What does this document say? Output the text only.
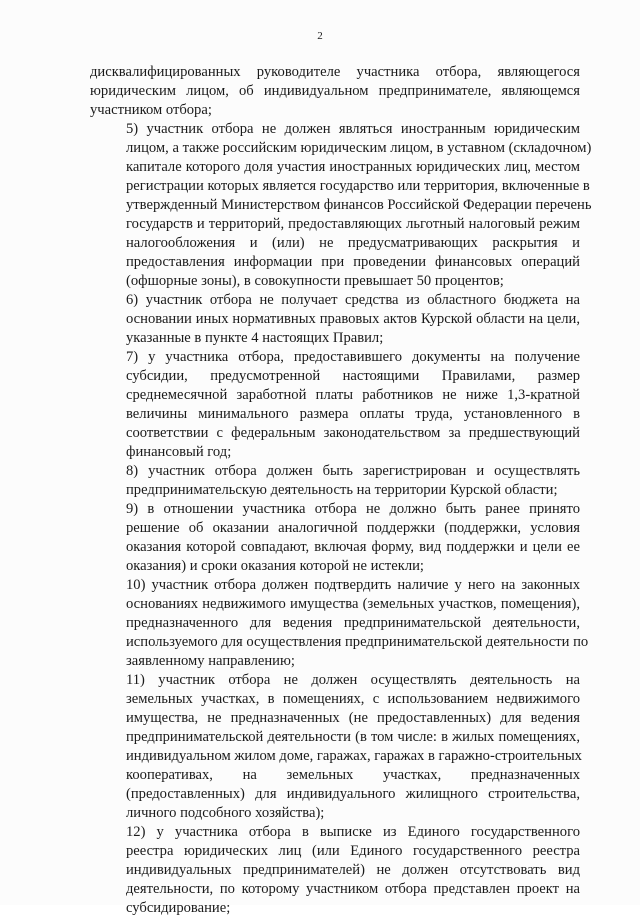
2
дисквалифицированных руководителе участника отбора, являющегося
юридическим лицом, об индивидуальном предпринимателе, являющемся
участником отбора;
5) участник отбора не должен являться иностранным юридическим
лицом, а также российским юридическим лицом, в уставном (складочном)
капитале которого доля участия иностранных юридических лиц, местом
регистрации которых является государство или территория, включенные в
утвержденный Министерством финансов Российской Федерации перечень
государств и территорий, предоставляющих льготный налоговый режим
налогообложения и (или) не предусматривающих раскрытия и
предоставления информации при проведении финансовых операций
(офшорные зоны), в совокупности превышает 50 процентов;
6) участник отбора не получает средства из областного бюджета на
основании иных нормативных правовых актов Курской области на цели,
указанные в пункте 4 настоящих Правил;
7) у участника отбора, предоставившего документы на получение
субсидии, предусмотренной настоящими Правилами, размер
среднемесячной заработной платы работников не ниже 1,3-кратной
величины минимального размера оплаты труда, установленного в
соответствии с федеральным законодательством за предшествующий
финансовый год;
8) участник отбора должен быть зарегистрирован и осуществлять
предпринимательскую деятельность на территории Курской области;
9) в отношении участника отбора не должно быть ранее принято
решение об оказании аналогичной поддержки (поддержки, условия
оказания которой совпадают, включая форму, вид поддержки и цели ее
оказания) и сроки оказания которой не истекли;
10) участник отбора должен подтвердить наличие у него на законных
основаниях недвижимого имущества (земельных участков, помещения),
предназначенного для ведения предпринимательской деятельности,
используемого для осуществления предпринимательской деятельности по
заявленному направлению;
11) участник отбора не должен осуществлять деятельность на
земельных участках, в помещениях, с использованием недвижимого
имущества, не предназначенных (не предоставленных) для ведения
предпринимательской деятельности (в том числе: в жилых помещениях,
индивидуальном жилом доме, гаражах, гаражах в гаражно-строительных
кооперативах, на земельных участках, предназначенных
(предоставленных) для индивидуального жилищного строительства,
личного подсобного хозяйства);
12) у участника отбора в выписке из Единого государственного
реестра юридических лиц (или Единого государственного реестра
индивидуальных предпринимателей) не должен отсутствовать вид
деятельности, по которому участником отбора представлен проект на
субсидирование;
